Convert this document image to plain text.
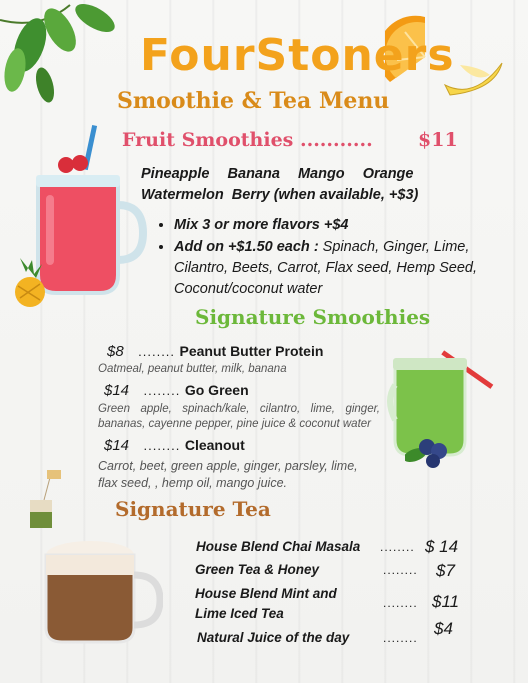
FourStoners
Smoothie & Tea Menu
Fruit Smoothies ........... $11
Pineapple Banana Mango Orange
Watermelon  Berry (when available, +$3)
• Mix 3 or more flavors +$4
• Add on +$1.50 each : Spinach, Ginger, Lime, Cilantro, Beets, Carrot, Flax seed, Hemp Seed, Coconut/coconut water
Signature Smoothies
$8 ........ Peanut Butter Protein
Oatmeal, peanut butter, milk, banana
$14 ........ Go Green
Green apple, spinach/kale, cilantro, lime, ginger, bananas, cayenne pepper, pine juice & coconut water
$14 ........ Cleanout
Carrot, beet, green apple, ginger, parsley, lime, flax seed, , hemp oil, mango juice.
Signature Tea
House Blend Chai Masala ........ $ 14
Green Tea & Honey	........ $7
House Blend Mint and Lime Iced Tea
........ $11
Natural Juice of the day	........ $4
